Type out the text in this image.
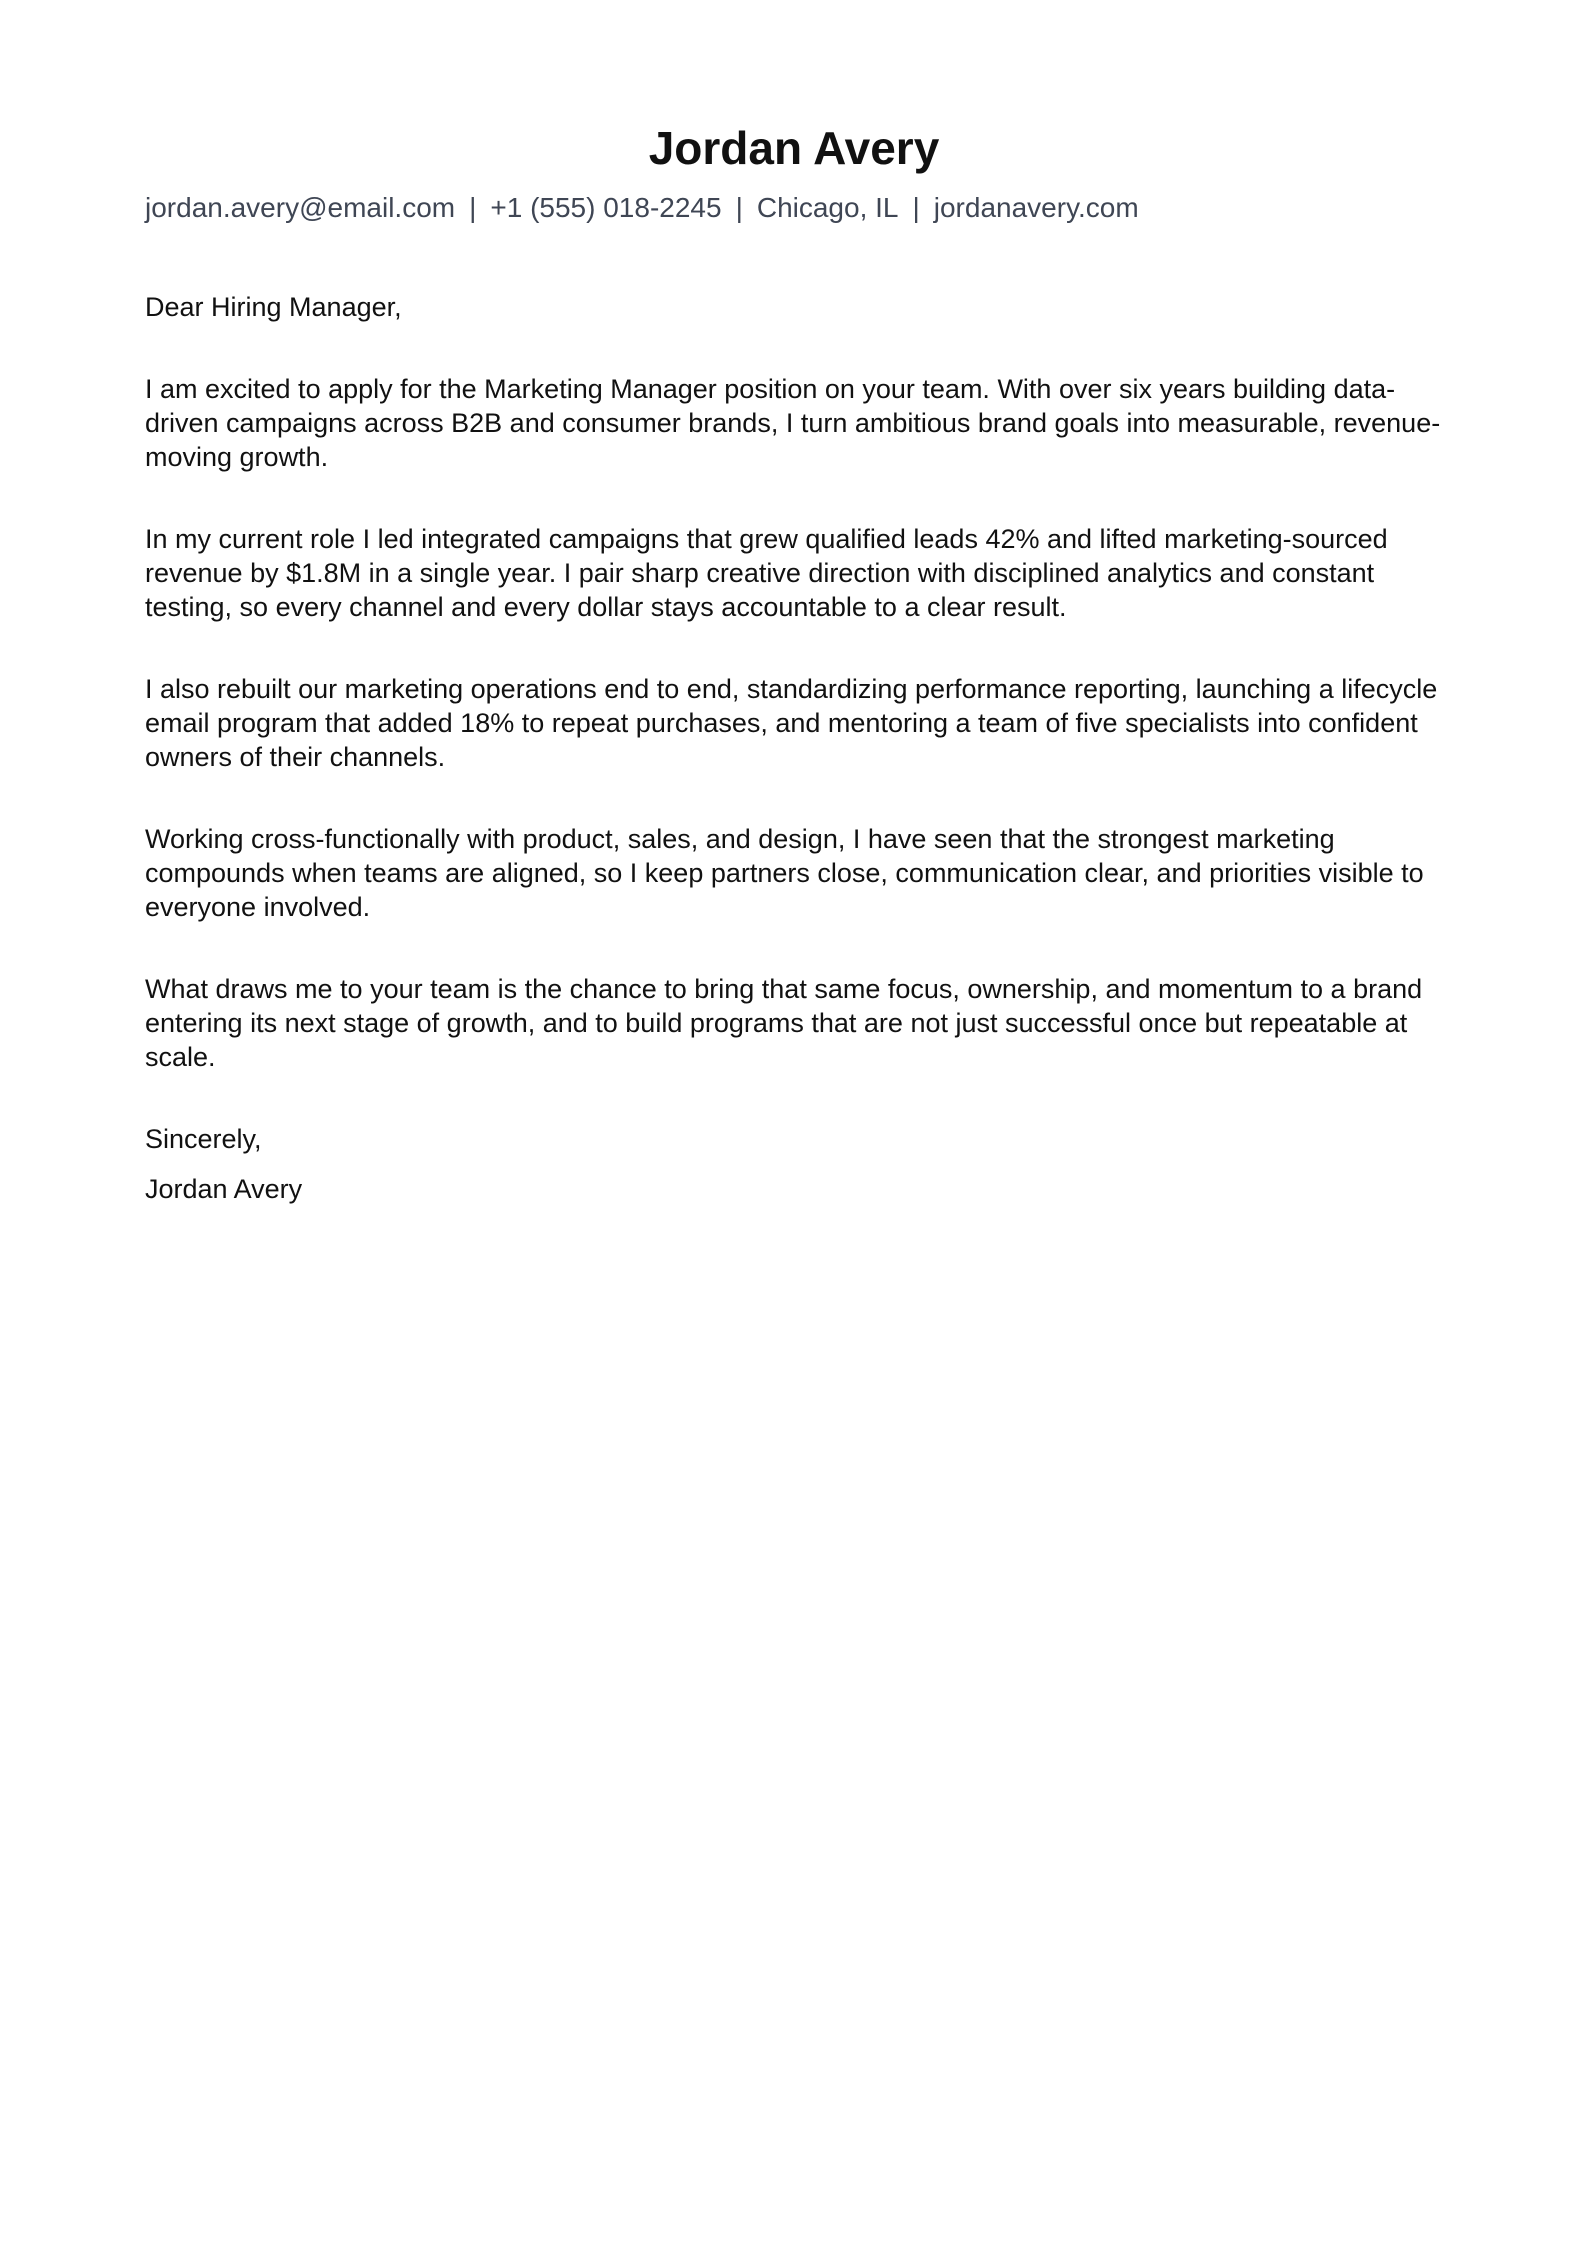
Jordan Avery
jordan.avery@email.com | +1 (555) 018-2245 | Chicago, IL | jordanavery.com

Dear Hiring Manager,

I am excited to apply for the Marketing Manager position on your team. With over six years building data-driven campaigns across B2B and consumer brands, I turn ambitious brand goals into measurable, revenue-moving growth.

In my current role I led integrated campaigns that grew qualified leads 42% and lifted marketing-sourced revenue by $1.8M in a single year. I pair sharp creative direction with disciplined analytics and constant testing, so every channel and every dollar stays accountable to a clear result.

I also rebuilt our marketing operations end to end, standardizing performance reporting, launching a lifecycle email program that added 18% to repeat purchases, and mentoring a team of five specialists into confident owners of their channels.

Working cross-functionally with product, sales, and design, I have seen that the strongest marketing compounds when teams are aligned, so I keep partners close, communication clear, and priorities visible to everyone involved.

What draws me to your team is the chance to bring that same focus, ownership, and momentum to a brand entering its next stage of growth, and to build programs that are not just successful once but repeatable at scale.

Sincerely,

Jordan Avery
